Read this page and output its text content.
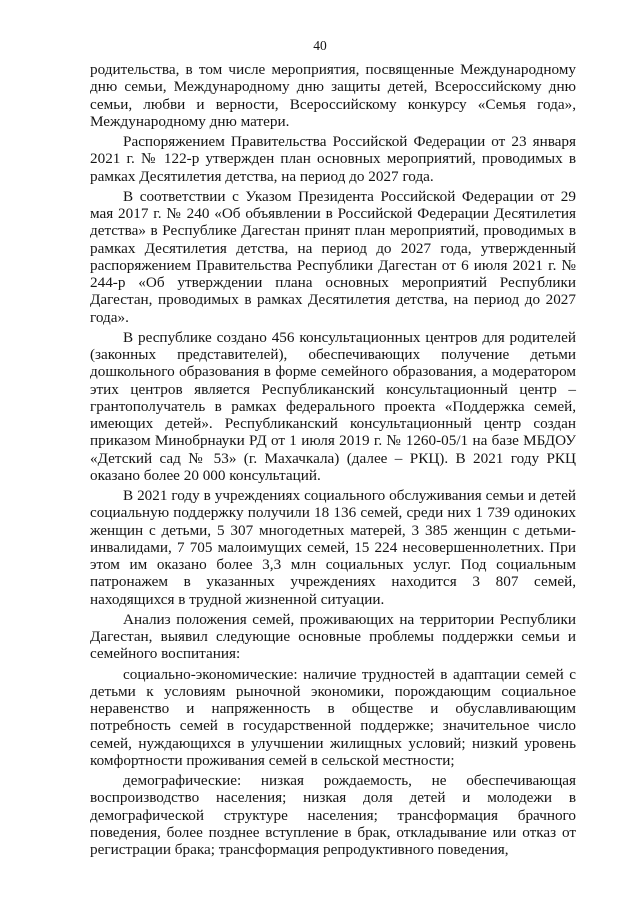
40

родительства, в том числе мероприятия, посвященные Международному дню семьи, Международному дню защиты детей, Всероссийскому дню семьи, любви и верности, Всероссийскому конкурсу «Семья года», Международному дню матери.

Распоряжением Правительства Российской Федерации от 23 января 2021 г. № 122-р утвержден план основных мероприятий, проводимых в рамках Десятилетия детства, на период до 2027 года.

В соответствии с Указом Президента Российской Федерации от 29 мая 2017 г. № 240 «Об объявлении в Российской Федерации Десятилетия детства» в Республике Дагестан принят план мероприятий, проводимых в рамках Десятилетия детства, на период до 2027 года, утвержденный распоряжением Правительства Республики Дагестан от 6 июля 2021 г. № 244-р «Об утверждении плана основных мероприятий Республики Дагестан, проводимых в рамках Десятилетия детства, на период до 2027 года».

В республике создано 456 консультационных центров для родителей (законных представителей), обеспечивающих получение детьми дошкольного образования в форме семейного образования, а модератором этих центров является Республиканский консультационный центр – грантополучатель в рамках федерального проекта «Поддержка семей, имеющих детей». Республиканский консультационный центр создан приказом Минобрнауки РД от 1 июля 2019 г. № 1260-05/1 на базе МБДОУ «Детский сад № 53» (г. Махачкала) (далее – РКЦ). В 2021 году РКЦ оказано более 20 000 консультаций.

В 2021 году в учреждениях социального обслуживания семьи и детей социальную поддержку получили 18 136 семей, среди них 1 739 одиноких женщин с детьми, 5 307 многодетных матерей, 3 385 женщин с детьми-инвалидами, 7 705 малоимущих семей, 15 224 несовершеннолетних. При этом им оказано более 3,3 млн социальных услуг. Под социальным патронажем в указанных учреждениях находится 3 807 семей, находящихся в трудной жизненной ситуации.

Анализ положения семей, проживающих на территории Республики Дагестан, выявил следующие основные проблемы поддержки семьи и семейного воспитания:

социально-экономические: наличие трудностей в адаптации семей с детьми к условиям рыночной экономики, порождающим социальное неравенство и напряженность в обществе и обуславливающим потребность семей в государственной поддержке; значительное число семей, нуждающихся в улучшении жилищных условий; низкий уровень комфортности проживания семей в сельской местности;

демографические: низкая рождаемость, не обеспечивающая воспроизводство населения; низкая доля детей и молодежи в демографической структуре населения; трансформация брачного поведения, более позднее вступление в брак, откладывание или отказ от регистрации брака; трансформация репродуктивного поведения,
